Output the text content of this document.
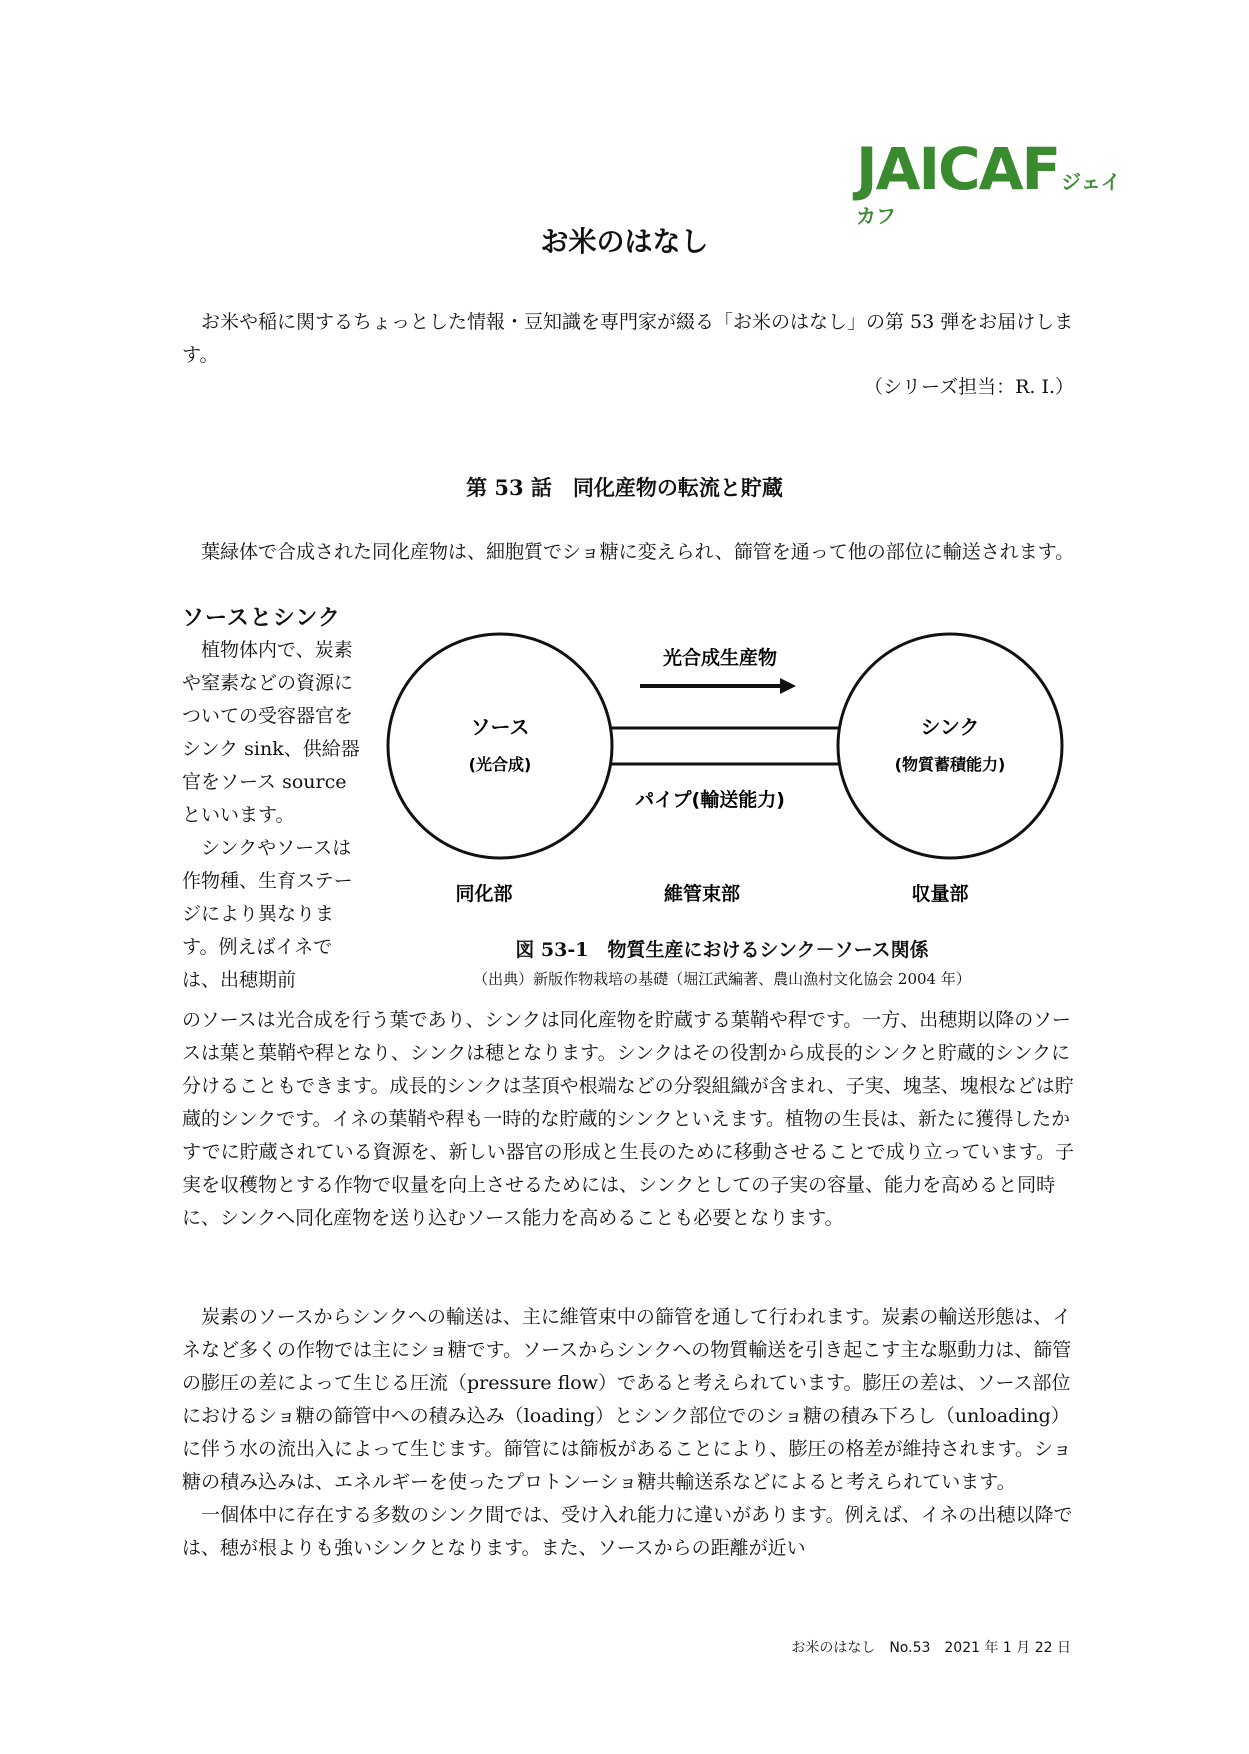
JAICAF ジェイカフ
お米のはなし
お米や稲に関するちょっとした情報・豆知識を専門家が綴る「お米のはなし」の第 53 弾をお届けします。
（シリーズ担当：R. I.）
第 53 話　同化産物の転流と貯蔵
葉緑体で合成された同化産物は、細胞質でショ糖に変えられ、篩管を通って他の部位に輸送されます。
ソースとシンク

植物体内で、炭素や窒素などの資源についての受容器官をシンク sink、供給器官をソース source といいます。

シンクやソースは作物種、生育ステージにより異なります。例えばイネでは、出穂期前

光合成生産物
ソース
(光合成)
シンク
(物質蓄積能力)
パイプ(輸送能力)
同化部	維管束部	収量部
図 53-1　物質生産におけるシンク－ソース関係
（出典）新版作物栽培の基礎（堀江武編著、農山漁村文化協会 2004 年）
のソースは光合成を行う葉であり、シンクは同化産物を貯蔵する葉鞘や稈です。一方、出穂期以降のソースは葉と葉鞘や稈となり、シンクは穂となります。シンクはその役割から成長的シンクと貯蔵的シンクに分けることもできます。成長的シンクは茎頂や根端などの分裂組織が含まれ、子実、塊茎、塊根などは貯蔵的シンクです。イネの葉鞘や稈も一時的な貯蔵的シンクといえます。植物の生長は、新たに獲得したかすでに貯蔵されている資源を、新しい器官の形成と生長のために移動させることで成り立っています。子実を収穫物とする作物で収量を向上させるためには、シンクとしての子実の容量、能力を高めると同時に、シンクへ同化産物を送り込むソース能力を高めることも必要となります。
炭素のソースからシンクへの輸送は、主に維管束中の篩管を通して行われます。炭素の輸送形態は、イネなど多くの作物では主にショ糖です。ソースからシンクへの物質輸送を引き起こす主な駆動力は、篩管の膨圧の差によって生じる圧流（pressure flow）であると考えられています。膨圧の差は、ソース部位におけるショ糖の篩管中への積み込み（loading）とシンク部位でのショ糖の積み下ろし（unloading）に伴う水の流出入によって生じます。篩管には篩板があることにより、膨圧の格差が維持されます。ショ糖の積み込みは、エネルギーを使ったプロトンーショ糖共輸送系などによると考えられています。
一個体中に存在する多数のシンク間では、受け入れ能力に違いがあります。例えば、イネの出穂以降では、穂が根よりも強いシンクとなります。また、ソースからの距離が近い
お米のはなし　No.53　2021 年 1 月 22 日
